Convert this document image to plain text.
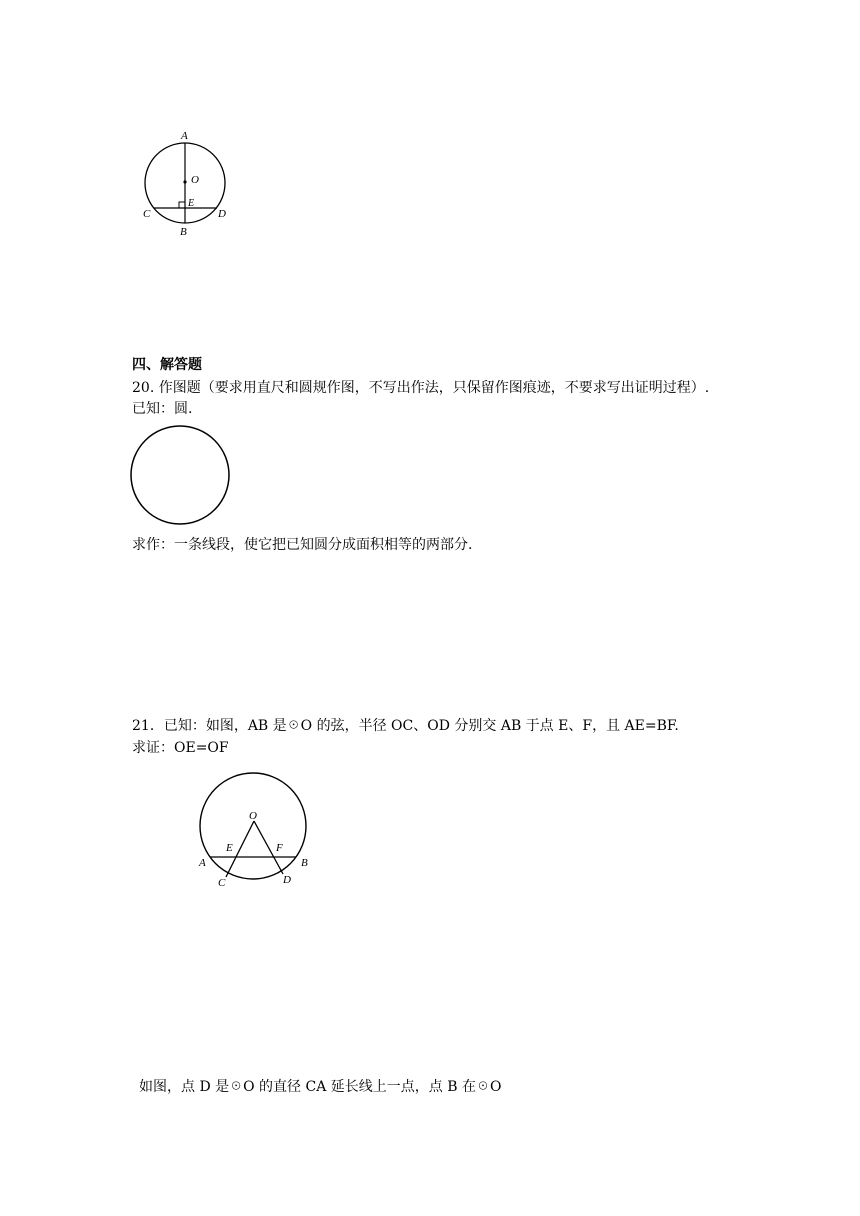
A
O
E
C	D
B
四、解答题
20. 作图题（要求用直尺和圆规作图，不写出作法，只保留作图痕迹，不要求写出证明过程）.
已知：圆.
求作：一条线段，使它把已知圆分成面积相等的两部分.
21．已知：如图，AB 是☉O 的弦，半径 OC、OD 分别交 AB 于点 E、F，且 AE=BF.
求证：OE=OF
O
E	F
A	B
C	D
如图，点 D 是☉O 的直径 CA 延长线上一点，点 B 在☉O
